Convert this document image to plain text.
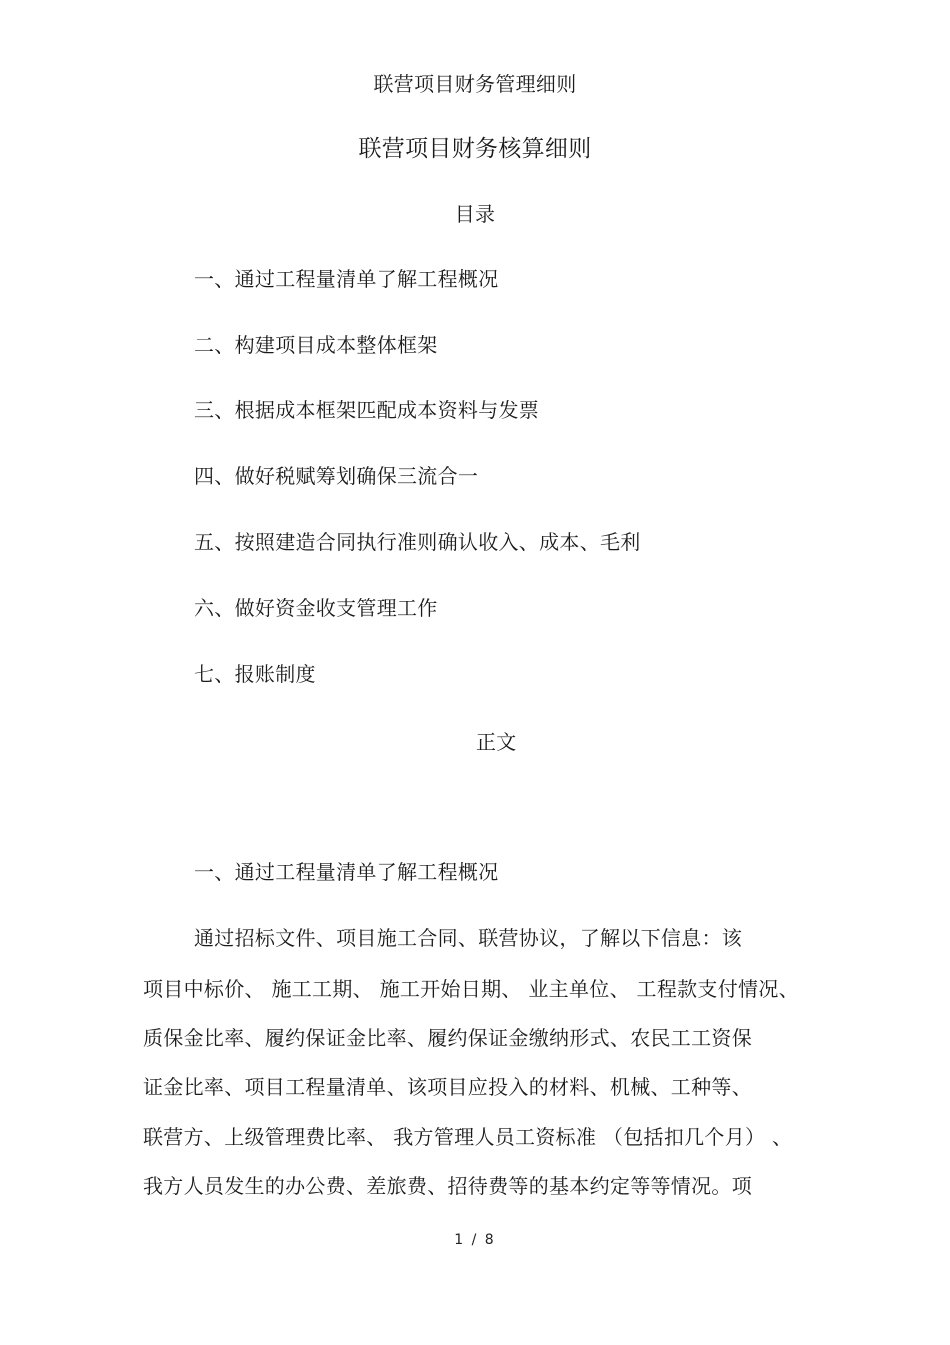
联营项目财务管理细则
联营项目财务核算细则
目录
一、通过工程量清单了解工程概况
二、构建项目成本整体框架
三、根据成本框架匹配成本资料与发票
四、做好税赋筹划确保三流合一
五、按照建造合同执行准则确认收入、成本、毛利
六、做好资金收支管理工作
七、报账制度
正文
一、通过工程量清单了解工程概况
通过招标文件、项目施工合同、联营协议，了解以下信息：该
项目中标价、 施工工期、 施工开始日期、 业主单位、 工程款支付情况、
质保金比率、履约保证金比率、履约保证金缴纳形式、农民工工资保
证金比率、项目工程量清单、该项目应投入的材料、机械、工种等、
联营方、上级管理费比率、 我方管理人员工资标准 （包括扣几个月） 、
我方人员发生的办公费、差旅费、招待费等的基本约定等等情况。项
1 / 8
